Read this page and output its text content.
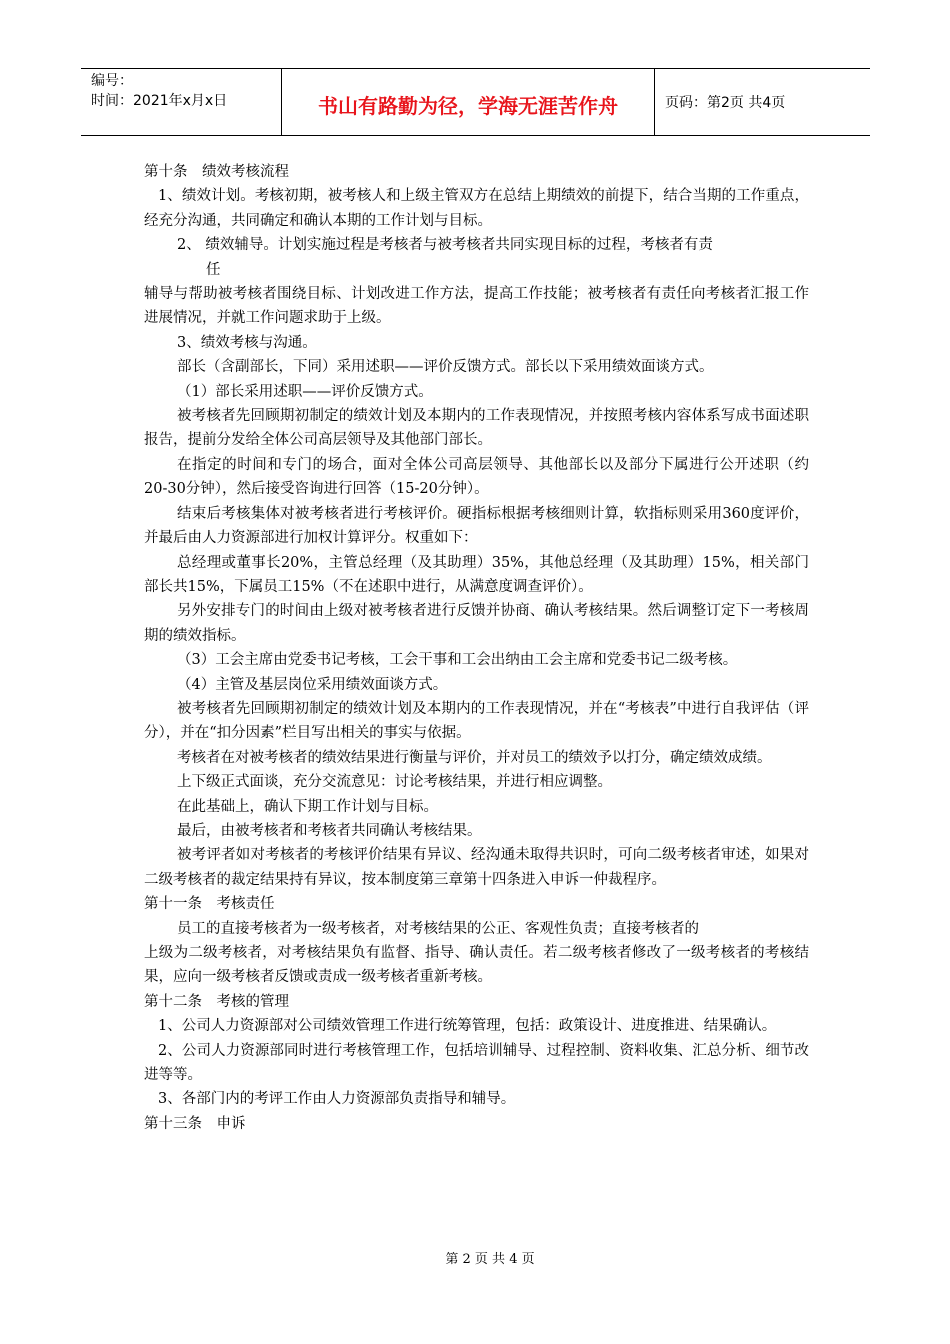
编号：
时间：2021年x月x日	书山有路勤为径，学海无涯苦作舟	页码：第2页 共4页

第十条　绩效考核流程

1、绩效计划。考核初期，被考核人和上级主管双方在总结上期绩效的前提下，结合当期的工作重点，经充分沟通，共同确定和确认本期的工作计划与目标。

2、 绩效辅导。计划实施过程是考核者与被考核者共同实现目标的过程，考核者有责

任

辅导与帮助被考核者围绕目标、计划改进工作方法，提高工作技能；被考核者有责任向考核者汇报工作进展情况，并就工作问题求助于上级。

3、绩效考核与沟通。

部长（含副部长，下同）采用述职——评价反馈方式。部长以下采用绩效面谈方式。

（1）部长采用述职——评价反馈方式。

被考核者先回顾期初制定的绩效计划及本期内的工作表现情况，并按照考核内容体系写成书面述职报告，提前分发给全体公司高层领导及其他部门部长。

在指定的时间和专门的场合，面对全体公司高层领导、其他部长以及部分下属进行公开述职（约20-30分钟），然后接受咨询进行回答（15-20分钟）。

结束后考核集体对被考核者进行考核评价。硬指标根据考核细则计算，软指标则采用360度评价，并最后由人力资源部进行加权计算评分。权重如下：

总经理或董事长20%，主管总经理（及其助理）35%，其他总经理（及其助理）15%，相关部门部长共15%，下属员工15%（不在述职中进行，从满意度调查评价）。

另外安排专门的时间由上级对被考核者进行反馈并协商、确认考核结果。然后调整订定下一考核周期的绩效指标。

（3）工会主席由党委书记考核，工会干事和工会出纳由工会主席和党委书记二级考核。

（4）主管及基层岗位采用绩效面谈方式。

被考核者先回顾期初制定的绩效计划及本期内的工作表现情况，并在“考核表”中进行自我评估（评分），并在“扣分因素”栏目写出相关的事实与依据。

考核者在对被考核者的绩效结果进行衡量与评价，并对员工的绩效予以打分，确定绩效成绩。

上下级正式面谈，充分交流意见：讨论考核结果，并进行相应调整。

在此基础上，确认下期工作计划与目标。

最后，由被考核者和考核者共同确认考核结果。

被考评者如对考核者的考核评价结果有异议、经沟通未取得共识时，可向二级考核者审述，如果对二级考核者的裁定结果持有异议，按本制度第三章第十四条进入申诉一仲裁程序。

第十一条　考核责任

员工的直接考核者为一级考核者，对考核结果的公正、客观性负责；直接考核者的

上级为二级考核者，对考核结果负有监督、指导、确认责任。若二级考核者修改了一级考核者的考核结果，应向一级考核者反馈或责成一级考核者重新考核。

第十二条　考核的管理

1、公司人力资源部对公司绩效管理工作进行统筹管理，包括：政策设计、进度推进、结果确认。

2、公司人力资源部同时进行考核管理工作，包括培训辅导、过程控制、资料收集、汇总分析、细节改进等等。

3、各部门内的考评工作由人力资源部负责指导和辅导。

第十三条　申诉

第 2 页 共 4 页
